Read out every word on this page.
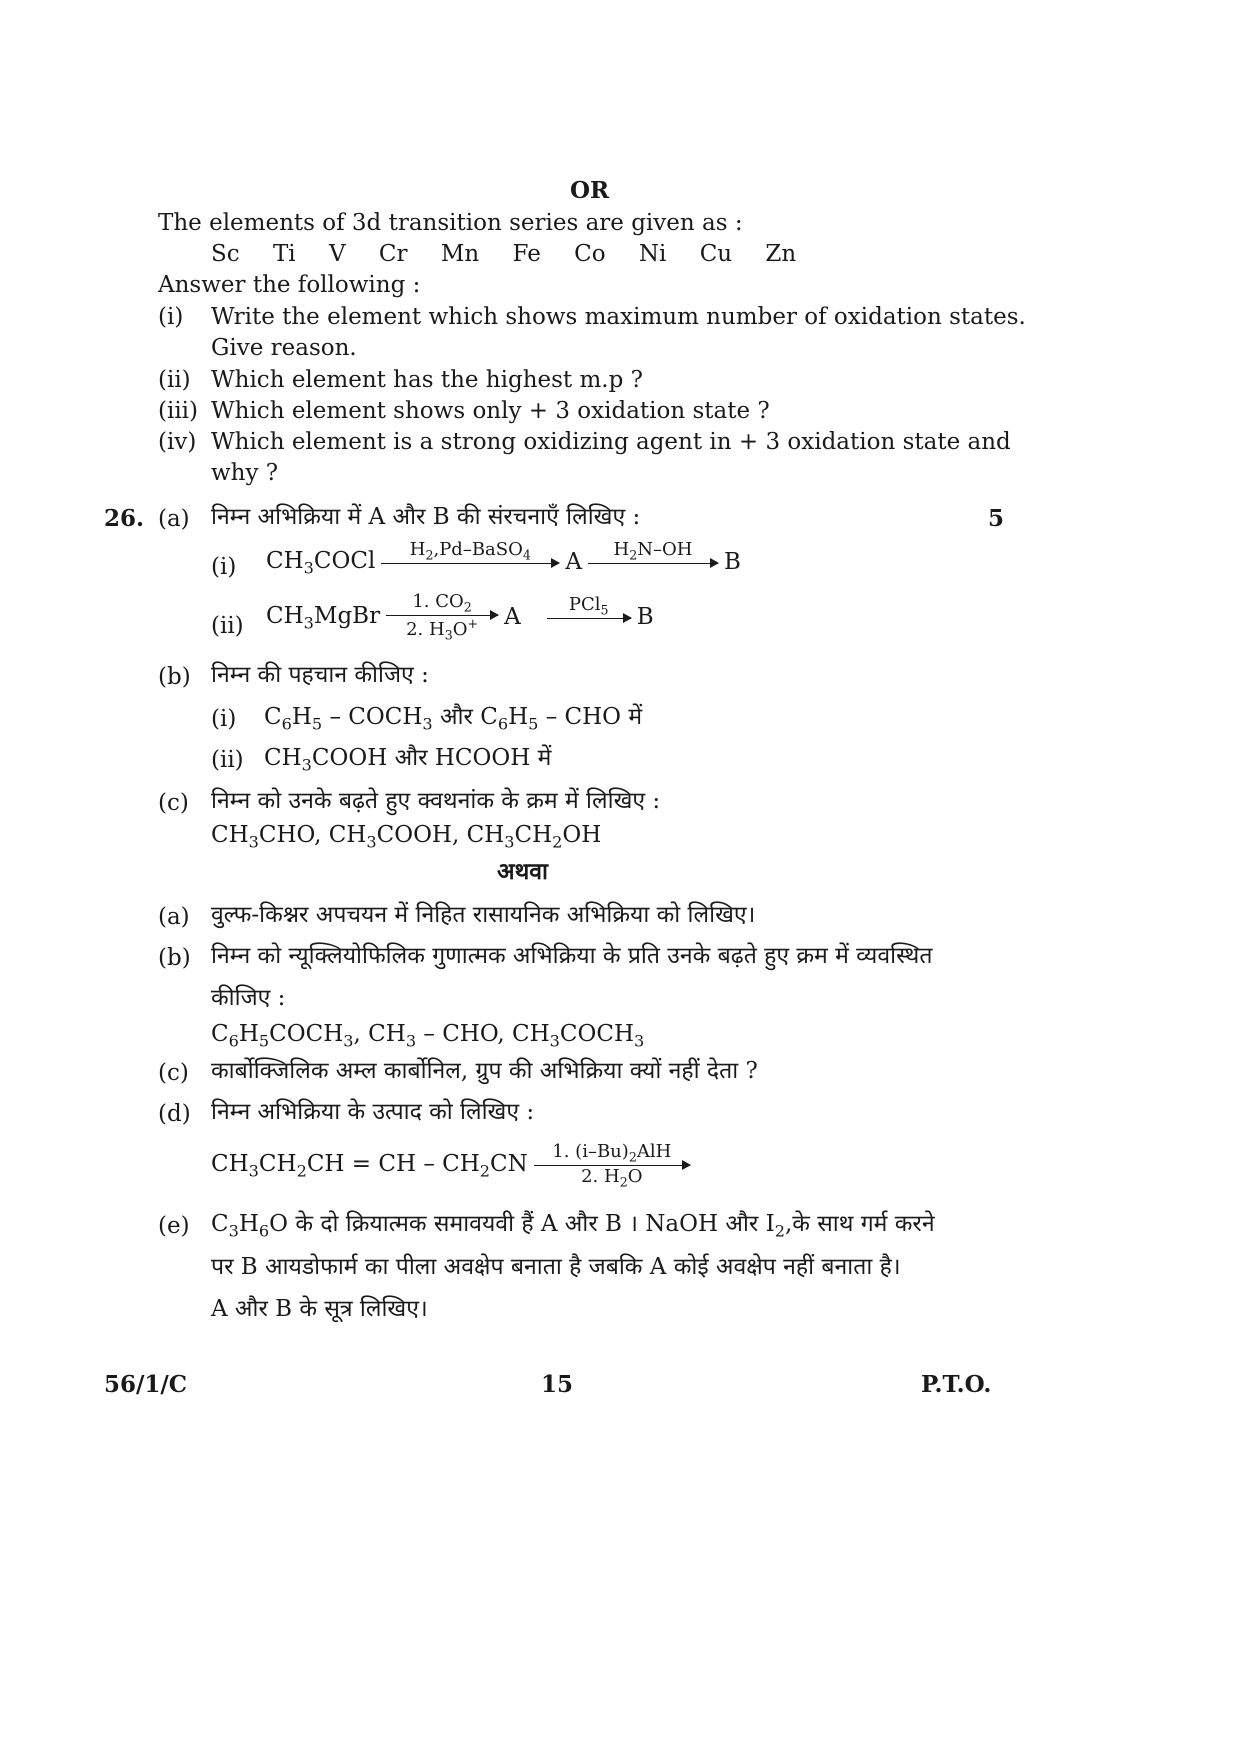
OR
The elements of 3d transition series are given as :
Sc Ti V Cr Mn Fe Co Ni Cu Zn
Answer the following :
(i) Write the element which shows maximum number of oxidation states.
Give reason.
(ii) Which element has the highest m.p ?
(iii) Which element shows only + 3 oxidation state ?
(iv) Which element is a strong oxidizing agent in + 3 oxidation state and
why ?
26. (a) निम्न अभिक्रिया में A और B की संरचनाएँ लिखिए :	5
(i) $CH_3COCl$	$H_2,Pd-BaSO_4$
A	$H_2N-OH$
B
(ii) $CH_3MgBr$
1. $CO_2$
2. $H_3O^+$ A	PCl$_5$
B
(b) निम्न की पहचान कीजिए :
(i) $C_6H_5$ – $COCH_3$ और $C_6H_5$ – CHO में
(ii) $CH_3COOH$ और HCOOH में
(c) निम्न को उनके बढ़ते हुए क्वथनांक के क्रम में लिखिए :
$CH_3CHO$, $CH_3COOH$, $CH_3CH_2OH$
अथवा
(a) वुल्फ-किश्नर अपचयन में निहित रासायनिक अभिक्रिया को लिखिए।
(b) निम्न को न्यूक्लियोफिलिक गुणात्मक अभिक्रिया के प्रति उनके बढ़ते हुए क्रम में व्यवस्थित
कीजिए :
$C_6H_5COCH_3$, $CH_3$ – CHO, $CH_3COCH_3$
(c) कार्बोक्जिलिक अम्ल कार्बोनिल, ग्रुप की अभिक्रिया क्यों नहीं देता ?
(d) निम्न अभिक्रिया के उत्पाद को लिखिए :
$CH_3CH_2CH$ = CH – $CH_2CN$	1. $(i-Bu)_2AlH$
2. $H_2O$
(e) $C_3H_6O$ के दो क्रियात्मक समावयवी हैं A और B । NaOH और $I_2,के$ साथ गर्म करने
पर B आयडोफार्म का पीला अवक्षेप बनाता है जबकि A कोई अवक्षेप नहीं बनाता है।
A और B के सूत्र लिखिए।
56/1/C	15	P.T.O.
